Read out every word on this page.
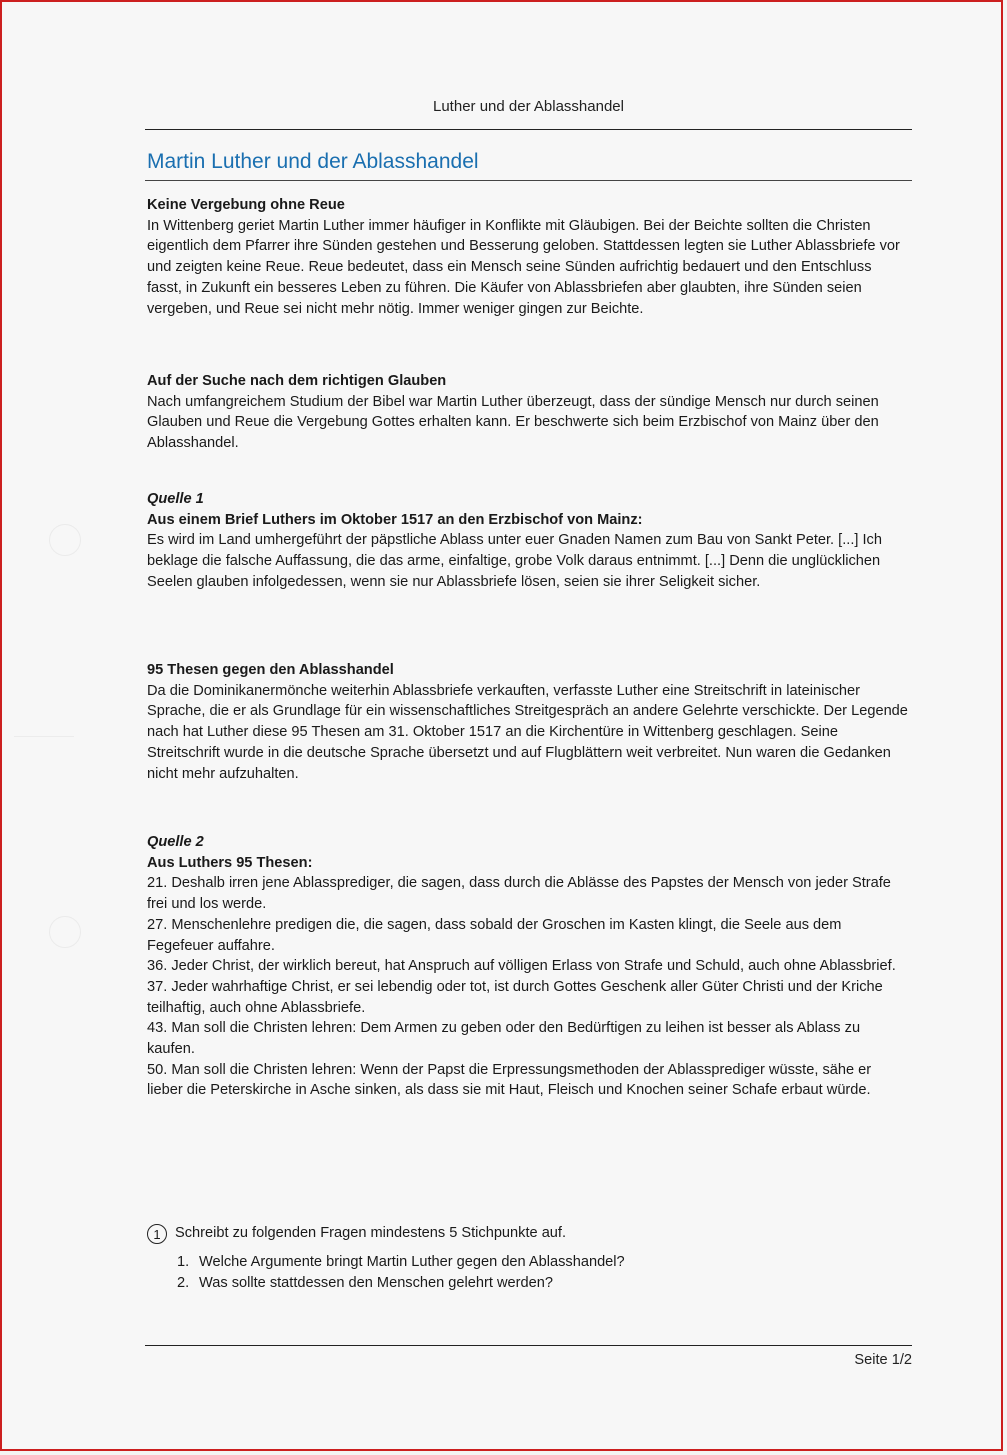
Luther und der Ablasshandel
Martin Luther und der Ablasshandel
Keine Vergebung ohne Reue

In Wittenberg geriet Martin Luther immer häufiger in Konflikte mit Gläubigen. Bei der Beichte sollten die Christen eigentlich dem Pfarrer ihre Sünden gestehen und Besserung geloben. Stattdessen legten sie Luther Ablassbriefe vor und zeigten keine Reue. Reue bedeutet, dass ein Mensch seine Sünden aufrichtig bedauert und den Entschluss fasst, in Zukunft ein besseres Leben zu führen. Die Käufer von Ablassbriefen aber glaubten, ihre Sünden seien vergeben, und Reue sei nicht mehr nötig. Immer weniger gingen zur Beichte.

Auf der Suche nach dem richtigen Glauben

Nach umfangreichem Studium der Bibel war Martin Luther überzeugt, dass der sündige Mensch nur durch seinen Glauben und Reue die Vergebung Gottes erhalten kann. Er beschwerte sich beim Erzbischof von Mainz über den Ablasshandel.

Quelle 1

Aus einem Brief Luthers im Oktober 1517 an den Erzbischof von Mainz:

Es wird im Land umhergeführt der päpstliche Ablass unter euer Gnaden Namen zum Bau von Sankt Peter. [...] Ich beklage die falsche Auffassung, die das arme, einfaltige, grobe Volk daraus entnimmt. [...] Denn die unglücklichen Seelen glauben infolgedessen, wenn sie nur Ablassbriefe lösen, seien sie ihrer Seligkeit sicher.

95 Thesen gegen den Ablasshandel

Da die Dominikanermönche weiterhin Ablassbriefe verkauften, verfasste Luther eine Streitschrift in lateinischer Sprache, die er als Grundlage für ein wissenschaftliches Streitgespräch an andere Gelehrte verschickte. Der Legende nach hat Luther diese 95 Thesen am 31. Oktober 1517 an die Kirchentüre in Wittenberg geschlagen. Seine Streitschrift wurde in die deutsche Sprache übersetzt und auf Flugblättern weit verbreitet. Nun waren die Gedanken nicht mehr aufzuhalten.

Quelle 2

Aus Luthers 95 Thesen:

21. Deshalb irren jene Ablassprediger, die sagen, dass durch die Ablässe des Papstes der Mensch von jeder Strafe frei und los werde.

27. Menschenlehre predigen die, die sagen, dass sobald der Groschen im Kasten klingt, die Seele aus dem Fegefeuer auffahre.

36. Jeder Christ, der wirklich bereut, hat Anspruch auf völligen Erlass von Strafe und Schuld, auch ohne Ablassbrief.

37. Jeder wahrhaftige Christ, er sei lebendig oder tot, ist durch Gottes Geschenk aller Güter Christi und der Kriche teilhaftig, auch ohne Ablassbriefe.

43. Man soll die Christen lehren: Dem Armen zu geben oder den Bedürftigen zu leihen ist besser als Ablass zu kaufen.

50. Man soll die Christen lehren: Wenn der Papst die Erpressungsmethoden der Ablassprediger wüsste, sähe er lieber die Peterskirche in Asche sinken, als dass sie mit Haut, Fleisch und Knochen seiner Schafe erbaut würde.

1 Schreibt zu folgenden Fragen mindestens 5 Stichpunkte auf.
1. Welche Argumente bringt Martin Luther gegen den Ablasshandel?
2. Was sollte stattdessen den Menschen gelehrt werden?
Seite 1/2
